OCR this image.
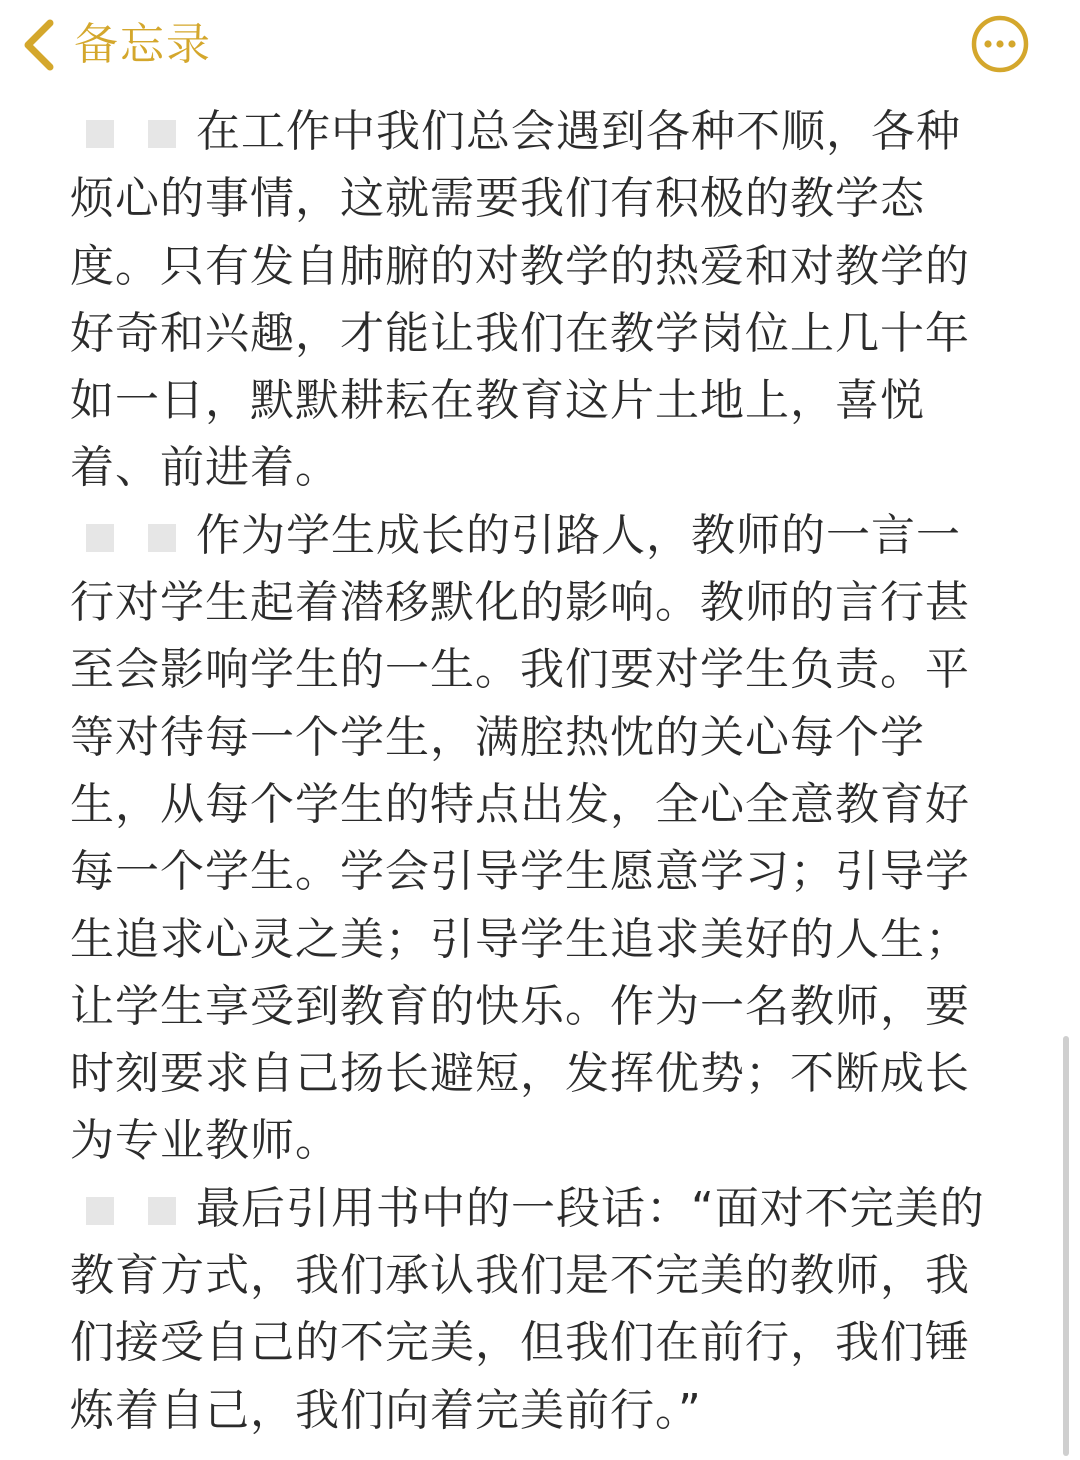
备忘录

在工作中我们总会遇到各种不顺，各种烦心的事情，这就需要我们有积极的教学态度。只有发自肺腑的对教学的热爱和对教学的好奇和兴趣，才能让我们在教学岗位上几十年如一日，默默耕耘在教育这片土地上，喜悦着、前进着。

作为学生成长的引路人，教师的一言一行对学生起着潜移默化的影响。教师的言行甚至会影响学生的一生。我们要对学生负责。平等对待每一个学生，满腔热忱的关心每个学生，从每个学生的特点出发，全心全意教育好每一个学生。学会引导学生愿意学习；引导学生追求心灵之美；引导学生追求美好的人生；让学生享受到教育的快乐。作为一名教师，要时刻要求自己扬长避短，发挥优势；不断成长为专业教师。

最后引用书中的一段话：“面对不完美的教育方式，我们承认我们是不完美的教师，我们接受自己的不完美，但我们在前行，我们锤炼着自己，我们向着完美前行。”
